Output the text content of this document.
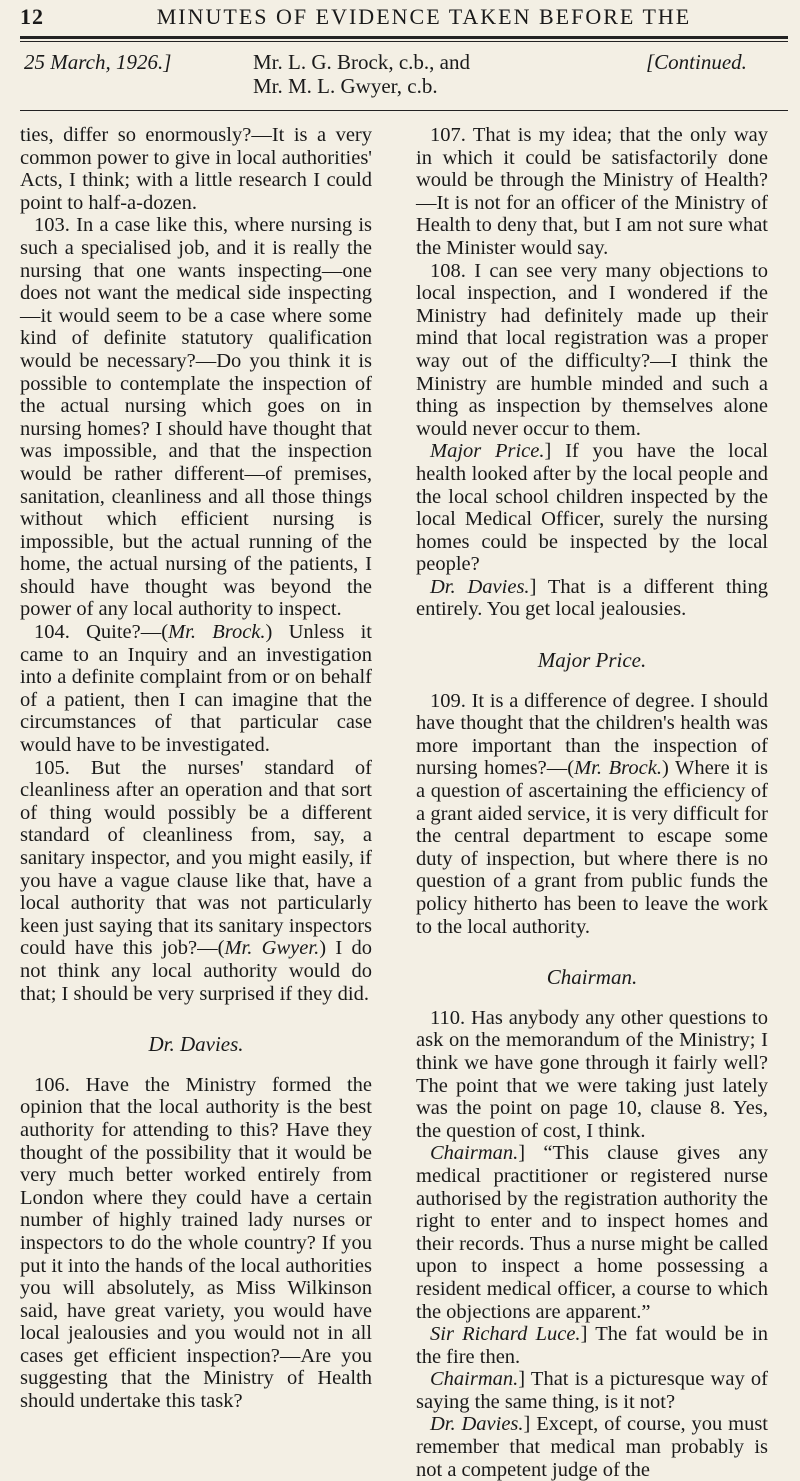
12	MINUTES OF EVIDENCE TAKEN BEFORE THE
25 March, 1926.]	Mr. L. G. Brock, c.b., and
Mr. M. L. Gwyer, c.b.
[Continued.

ties, differ so enormously?—It is a very common power to give in local authorities' Acts, I think; with a little research I could point to half-a-dozen.

103. In a case like this, where nursing is such a specialised job, and it is really the nursing that one wants inspecting—one does not want the medical side inspecting—it would seem to be a case where some kind of definite statutory qualification would be necessary?—Do you think it is possible to contemplate the inspection of the actual nursing which goes on in nursing homes? I should have thought that was impossible, and that the inspection would be rather different—of premises, sanitation, cleanliness and all those things without which efficient nursing is impossible, but the actual running of the home, the actual nursing of the patients, I should have thought was beyond the power of any local authority to inspect.

104. Quite?—(Mr. Brock.) Unless it came to an Inquiry and an investigation into a definite complaint from or on behalf of a patient, then I can imagine that the circumstances of that particular case would have to be investigated.

105. But the nurses' standard of cleanliness after an operation and that sort of thing would possibly be a different standard of cleanliness from, say, a sanitary inspector, and you might easily, if you have a vague clause like that, have a local authority that was not particularly keen just saying that its sanitary inspectors could have this job?—(Mr. Gwyer.) I do not think any local authority would do that; I should be very surprised if they did.

Dr. Davies.

106. Have the Ministry formed the opinion that the local authority is the best authority for attending to this? Have they thought of the possibility that it would be very much better worked entirely from London where they could have a certain number of highly trained lady nurses or inspectors to do the whole country? If you put it into the hands of the local authorities you will absolutely, as Miss Wilkinson said, have great variety, you would have local jealousies and you would not in all cases get efficient inspection?—Are you suggesting that the Ministry of Health should undertake this task?

107. That is my idea; that the only way in which it could be satisfactorily done would be through the Ministry of Health?—It is not for an officer of the Ministry of Health to deny that, but I am not sure what the Minister would say.

108. I can see very many objections to local inspection, and I wondered if the Ministry had definitely made up their mind that local registration was a proper way out of the difficulty?—I think the Ministry are humble minded and such a thing as inspection by themselves alone would never occur to them.

Major Price.] If you have the local health looked after by the local people and the local school children inspected by the local Medical Officer, surely the nursing homes could be inspected by the local people?

Dr. Davies.] That is a different thing entirely. You get local jealousies.

Major Price.

109. It is a difference of degree. I should have thought that the children's health was more important than the inspection of nursing homes?—(Mr. Brock.) Where it is a question of ascertaining the efficiency of a grant aided service, it is very difficult for the central department to escape some duty of inspection, but where there is no question of a grant from public funds the policy hitherto has been to leave the work to the local authority.

Chairman.

110. Has anybody any other questions to ask on the memorandum of the Ministry; I think we have gone through it fairly well? The point that we were taking just lately was the point on page 10, clause 8. Yes, the question of cost, I think.

Chairman.] “This clause gives any medical practitioner or registered nurse authorised by the registration authority the right to enter and to inspect homes and their records. Thus a nurse might be called upon to inspect a home possessing a resident medical officer, a course to which the objections are apparent.”

Sir Richard Luce.] The fat would be in the fire then.

Chairman.] That is a picturesque way of saying the same thing, is it not?

Dr. Davies.] Except, of course, you must remember that medical man probably is not a competent judge of the
